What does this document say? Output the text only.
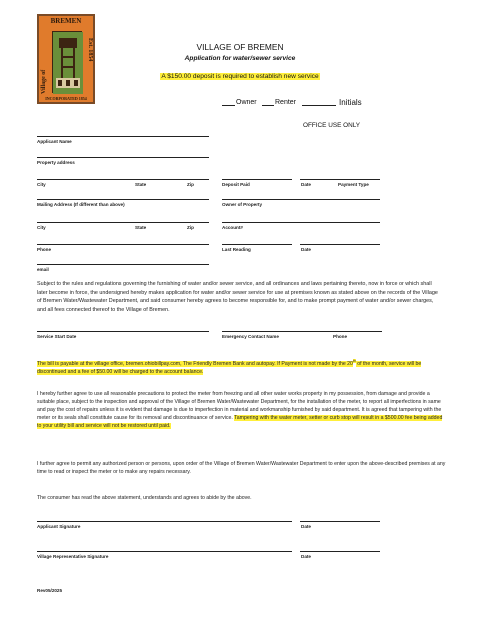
BREMEN
Village of
Est. 1854
INCORPORATED 1854
VILLAGE OF BREMEN
Application for water/sewer service
A $150.00 deposit is required to establish new service
Applicant Name
Owner	Renter	Initials
OFFICE USE ONLY
Property address
City	State	Zip	Deposit Paid	Date	Payment Type
Mailing Address (If different than above)	Owner of Property
City	State	Zip	Account#
Phone	Last Reading	Date
email
Subject to the rules and regulations governing the furnishing of water and/or sewer service, and all ordinances and laws pertaining thereto, now in force or which shall later become in force, the undersigned hereby makes application for water and/or sewer service for use at premises known as stated above on the records of the Village of Bremen Water/Wastewater Department, and said consumer hereby agrees to become responsible for, and to make prompt payment of water and/or sewer charges, and all fees connected thereof to the Village of Bremen.
Service Start Date	Emergency Contact Name	Phone
The bill is payable at the village office, bremen.ohiobillpay.com, The Friendly Bremen Bank and autopay. If Payment is not made by the 20th of the month, service will be discontinued and a fee of $50.00 will be charged to the account balance.
I hereby further agree to use all reasonable precautions to protect the meter from freezing and all other water works property in my possession, from damage and provide a suitable place, subject to the inspection and approval of the Village of Bremen Water/Wastewater Department, for the installation of the meter, to report all imperfections in same and pay the cost of repairs unless it is evident that damage is due to imperfection in material and workmanship furnished by said department. It is agreed that tampering with the meter or its seals shall constitute cause for its removal and discontinuance of service. Tampering with the water meter, setter or curb stop will result in a $500.00 fee being added to your utility bill and service will not be restored until paid.
I further agree to permit any authorized person or persons, upon order of the Village of Bremen Water/Wastewater Department to enter upon the above-described premises at any time to read or inspect the meter or to make any repairs necessary.
The consumer has read the above statement, understands and agrees to abide by the above.
Applicant Signature	Date
Village Representative Signature	Date
Rev05/2025
